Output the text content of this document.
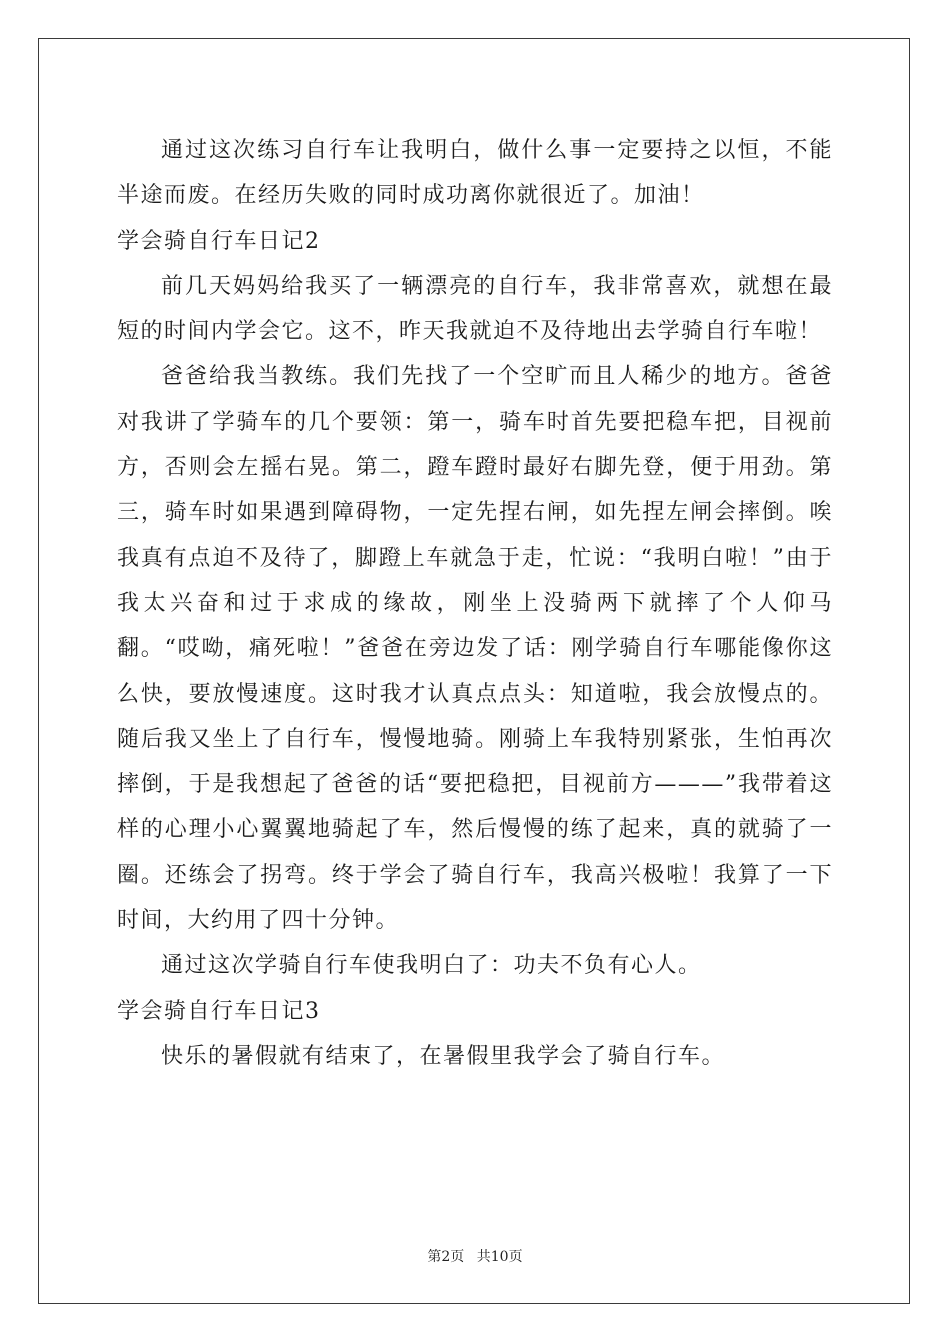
通过这次练习自行车让我明白，做什么事一定要持之以恒，不能半途而废。在经历失败的同时成功离你就很近了。加油！

学会骑自行车日记2

前几天妈妈给我买了一辆漂亮的自行车，我非常喜欢，就想在最短的时间内学会它。这不，昨天我就迫不及待地出去学骑自行车啦！

爸爸给我当教练。我们先找了一个空旷而且人稀少的地方。爸爸对我讲了学骑车的几个要领：第一，骑车时首先要把稳车把，目视前方，否则会左摇右晃。第二，蹬车蹬时最好右脚先登，便于用劲。第三，骑车时如果遇到障碍物，一定先捏右闸，如先捏左闸会摔倒。唉我真有点迫不及待了，脚蹬上车就急于走，忙说：“我明白啦！”由于我太兴奋和过于求成的缘故，刚坐上没骑两下就摔了个人仰马翻。“哎呦，痛死啦！”爸爸在旁边发了话：刚学骑自行车哪能像你这么快，要放慢速度。这时我才认真点点头：知道啦，我会放慢点的。随后我又坐上了自行车，慢慢地骑。刚骑上车我特别紧张，生怕再次摔倒，于是我想起了爸爸的话“要把稳把，目视前方———”我带着这样的心理小心翼翼地骑起了车，然后慢慢的练了起来，真的就骑了一圈。还练会了拐弯。终于学会了骑自行车，我高兴极啦！我算了一下时间，大约用了四十分钟。

通过这次学骑自行车使我明白了：功夫不负有心人。

学会骑自行车日记3

快乐的暑假就有结束了，在暑假里我学会了骑自行车。

第2页 共10页
